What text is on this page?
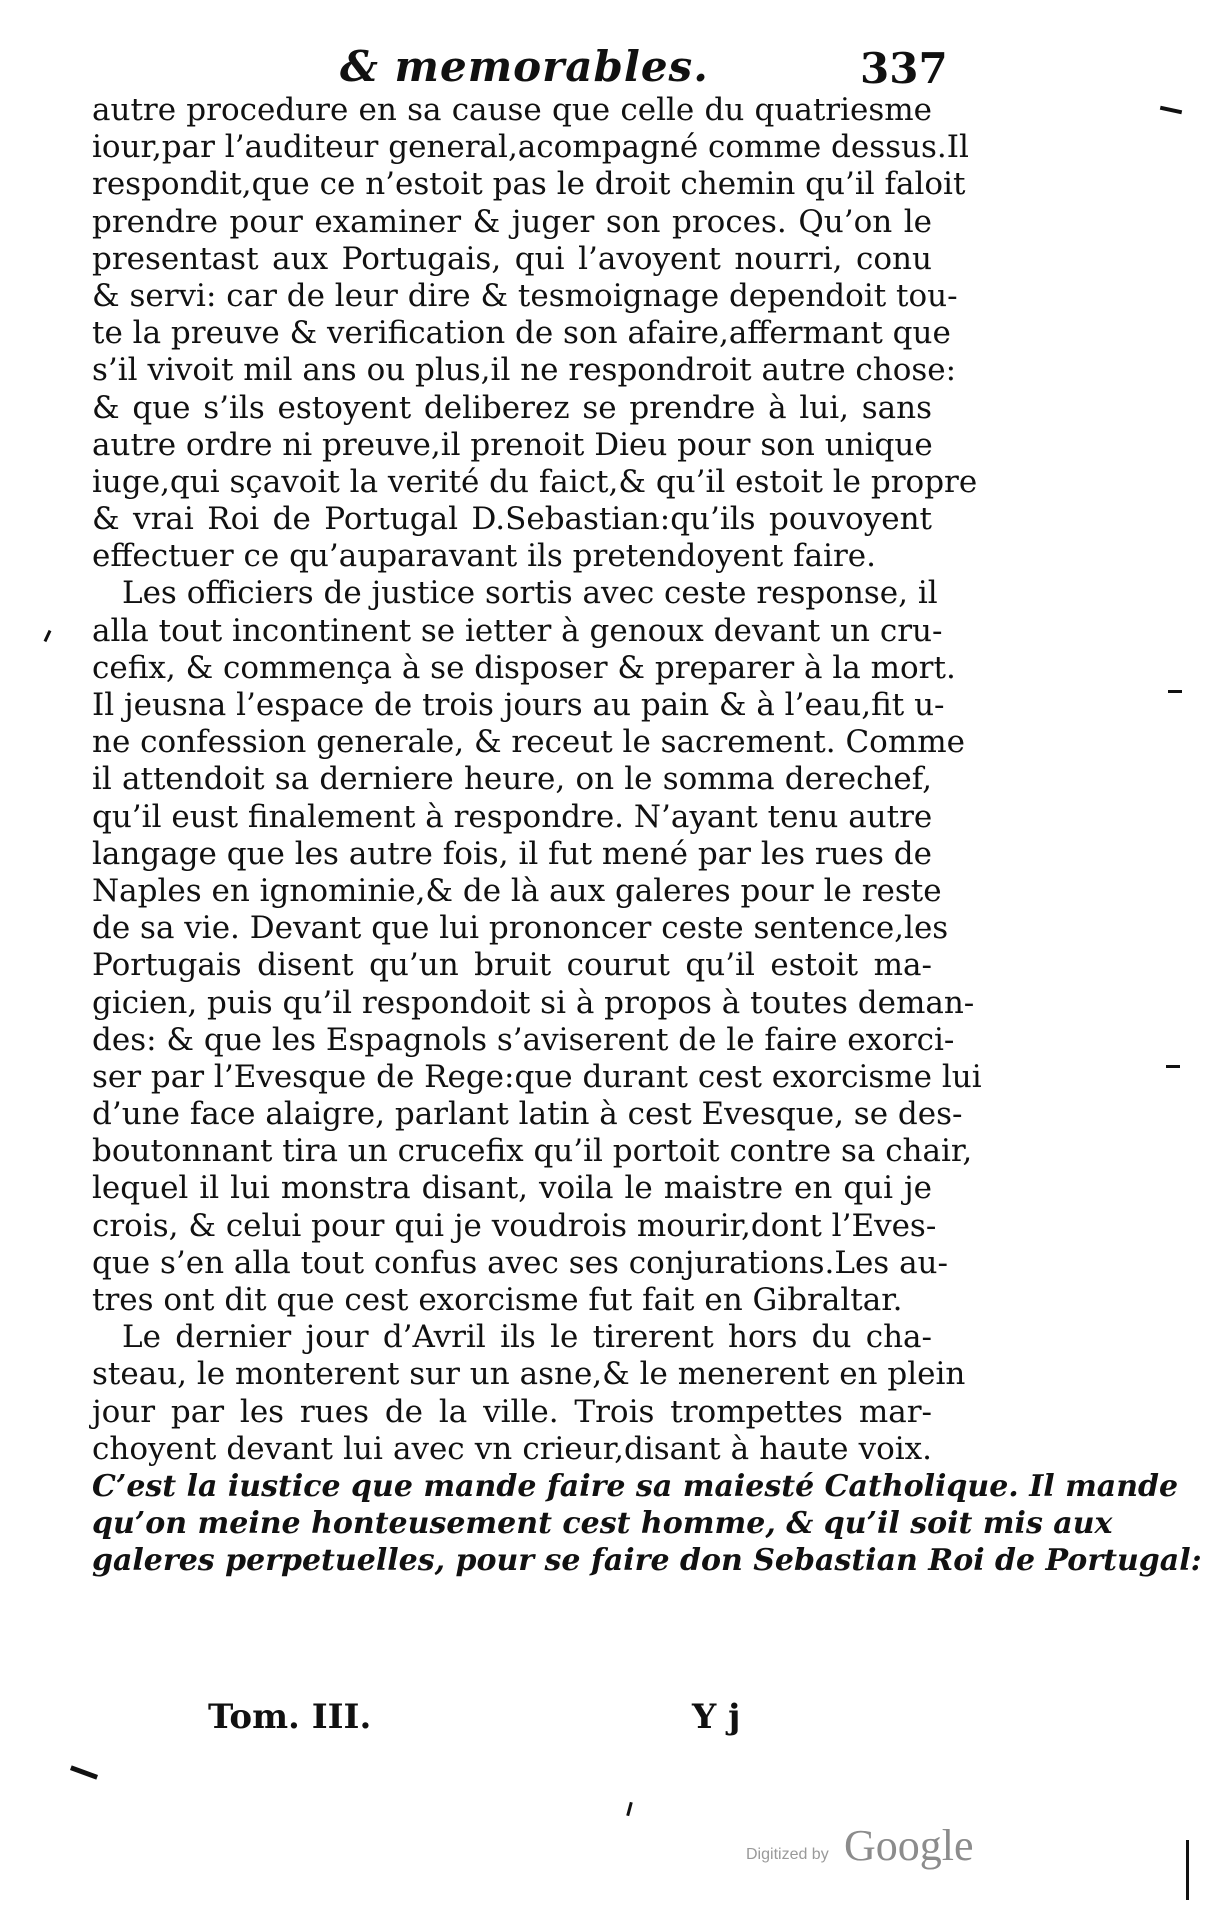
& memorables.	337
autre procedure en sa cause que celle du quatriesme
iour,par l’auditeur general,acompagné comme dessus.Il
respondit,que ce n’estoit pas le droit chemin qu’il faloit
prendre pour examiner & juger son proces. Qu’on le
presentast aux Portugais, qui l’avoyent nourri, conu
& servi: car de leur dire & tesmoignage dependoit tou-
te la preuve & verification de son afaire,affermant que
s’il vivoit mil ans ou plus,il ne respondroit autre chose:
& que s’ils estoyent deliberez se prendre à lui, sans
autre ordre ni preuve,il prenoit Dieu pour son unique
iuge,qui sçavoit la verité du faict,& qu’il estoit le propre
& vrai Roi de Portugal D.Sebastian:qu’ils pouvoyent
effectuer ce qu’auparavant ils pretendoyent faire.
Les officiers de justice sortis avec ceste response, il
alla tout incontinent se ietter à genoux devant un cru-
cefix, & commença à se disposer & preparer à la mort.
Il jeusna l’espace de trois jours au pain & à l’eau,fit u-
ne confession generale, & receut le sacrement. Comme
il attendoit sa derniere heure, on le somma derechef,
qu’il eust finalement à respondre. N’ayant tenu autre
langage que les autre fois, il fut mené par les rues de
Naples en ignominie,& de là aux galeres pour le reste
de sa vie. Devant que lui prononcer ceste sentence,les
Portugais disent qu’un bruit courut qu’il estoit ma-
gicien, puis qu’il respondoit si à propos à toutes deman-
des: & que les Espagnols s’aviserent de le faire exorci-
ser par l’Evesque de Rege:que durant cest exorcisme lui
d’une face alaigre, parlant latin à cest Evesque, se des-
boutonnant tira un crucefix qu’il portoit contre sa chair,
lequel il lui monstra disant, voila le maistre en qui je
crois, & celui pour qui je voudrois mourir,dont l’Eves-
que s’en alla tout confus avec ses conjurations.Les au-
tres ont dit que cest exorcisme fut fait en Gibraltar.
Le dernier jour d’Avril ils le tirerent hors du cha-
steau, le monterent sur un asne,& le menerent en plein
jour par les rues de la ville. Trois trompettes mar-
choyent devant lui avec vn crieur,disant à haute voix.
C’est la iustice que mande faire sa maiesté Catholique. Il mande
qu’on meine honteusement cest homme, & qu’il soit mis aux
galeres perpetuelles, pour se faire don Sebastian Roi de Portugal:
Tom. III.	Y j
Digitized by Google
